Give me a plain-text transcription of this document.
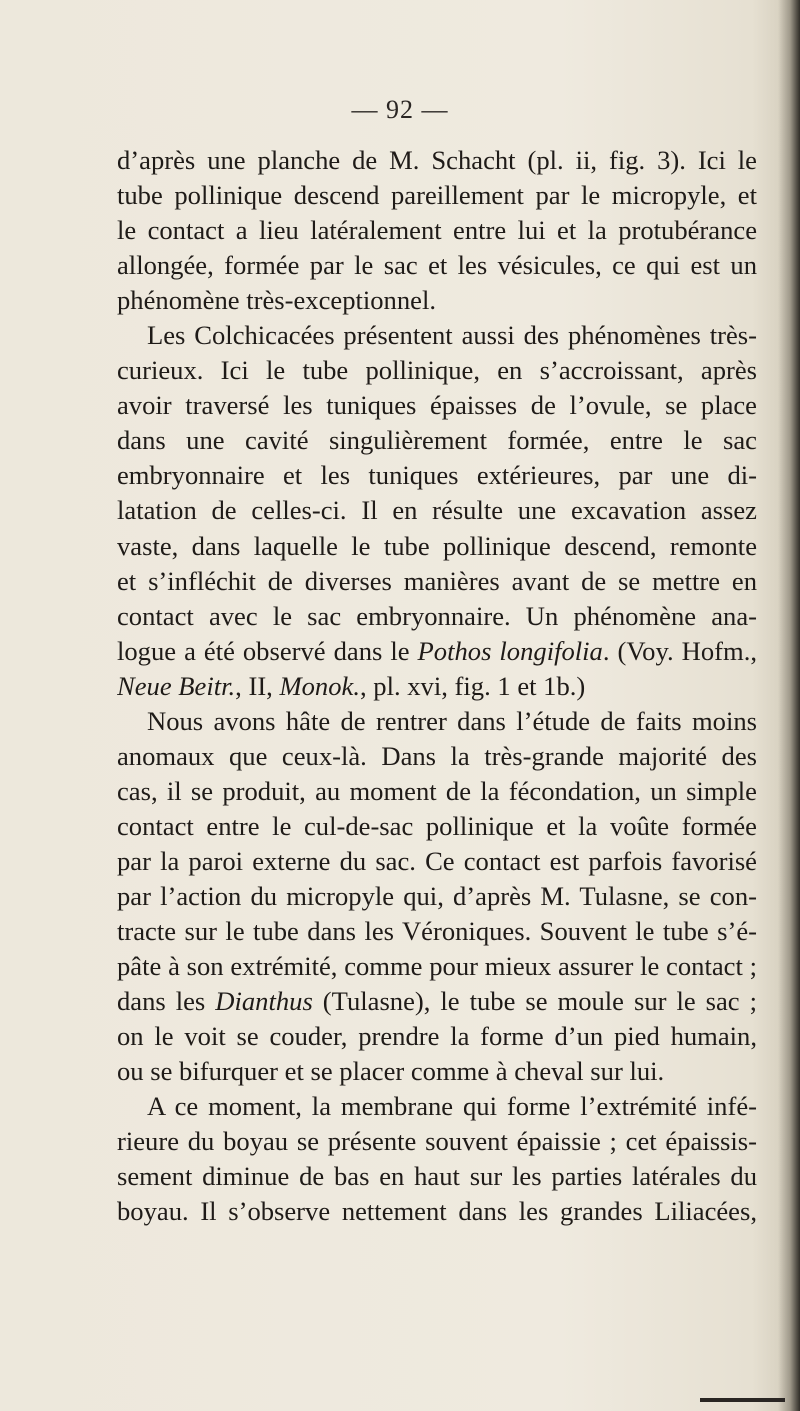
— 92 —
d’après une planche de M. Schacht (pl. ii, fig. 3). Ici le
tube pollinique descend pareillement par le micropyle, et
le contact a lieu latéralement entre lui et la protubérance
allongée, formée par le sac et les vésicules, ce qui est un
phénomène très-exceptionnel.
Les Colchicacées présentent aussi des phénomènes très-
curieux. Ici le tube pollinique, en s’accroissant, après
avoir traversé les tuniques épaisses de l’ovule, se place
dans une cavité singulièrement formée, entre le sac
embryonnaire et les tuniques extérieures, par une di-
latation de celles-ci. Il en résulte une excavation assez
vaste, dans laquelle le tube pollinique descend, remonte
et s’infléchit de diverses manières avant de se mettre en
contact avec le sac embryonnaire. Un phénomène ana-
logue a été observé dans le Pothos longifolia. (Voy. Hofm.,
Neue Beitr., II, Monok., pl. xvi, fig. 1 et 1b.)
Nous avons hâte de rentrer dans l’étude de faits moins
anomaux que ceux-là. Dans la très-grande majorité des
cas, il se produit, au moment de la fécondation, un simple
contact entre le cul-de-sac pollinique et la voûte formée
par la paroi externe du sac. Ce contact est parfois favorisé
par l’action du micropyle qui, d’après M. Tulasne, se con-
tracte sur le tube dans les Véroniques. Souvent le tube s’é-
pâte à son extrémité, comme pour mieux assurer le contact ;
dans les Dianthus (Tulasne), le tube se moule sur le sac ;
on le voit se couder, prendre la forme d’un pied humain,
ou se bifurquer et se placer comme à cheval sur lui.
A ce moment, la membrane qui forme l’extrémité infé-
rieure du boyau se présente souvent épaissie ; cet épaissis-
sement diminue de bas en haut sur les parties latérales du
boyau. Il s’observe nettement dans les grandes Liliacées,
